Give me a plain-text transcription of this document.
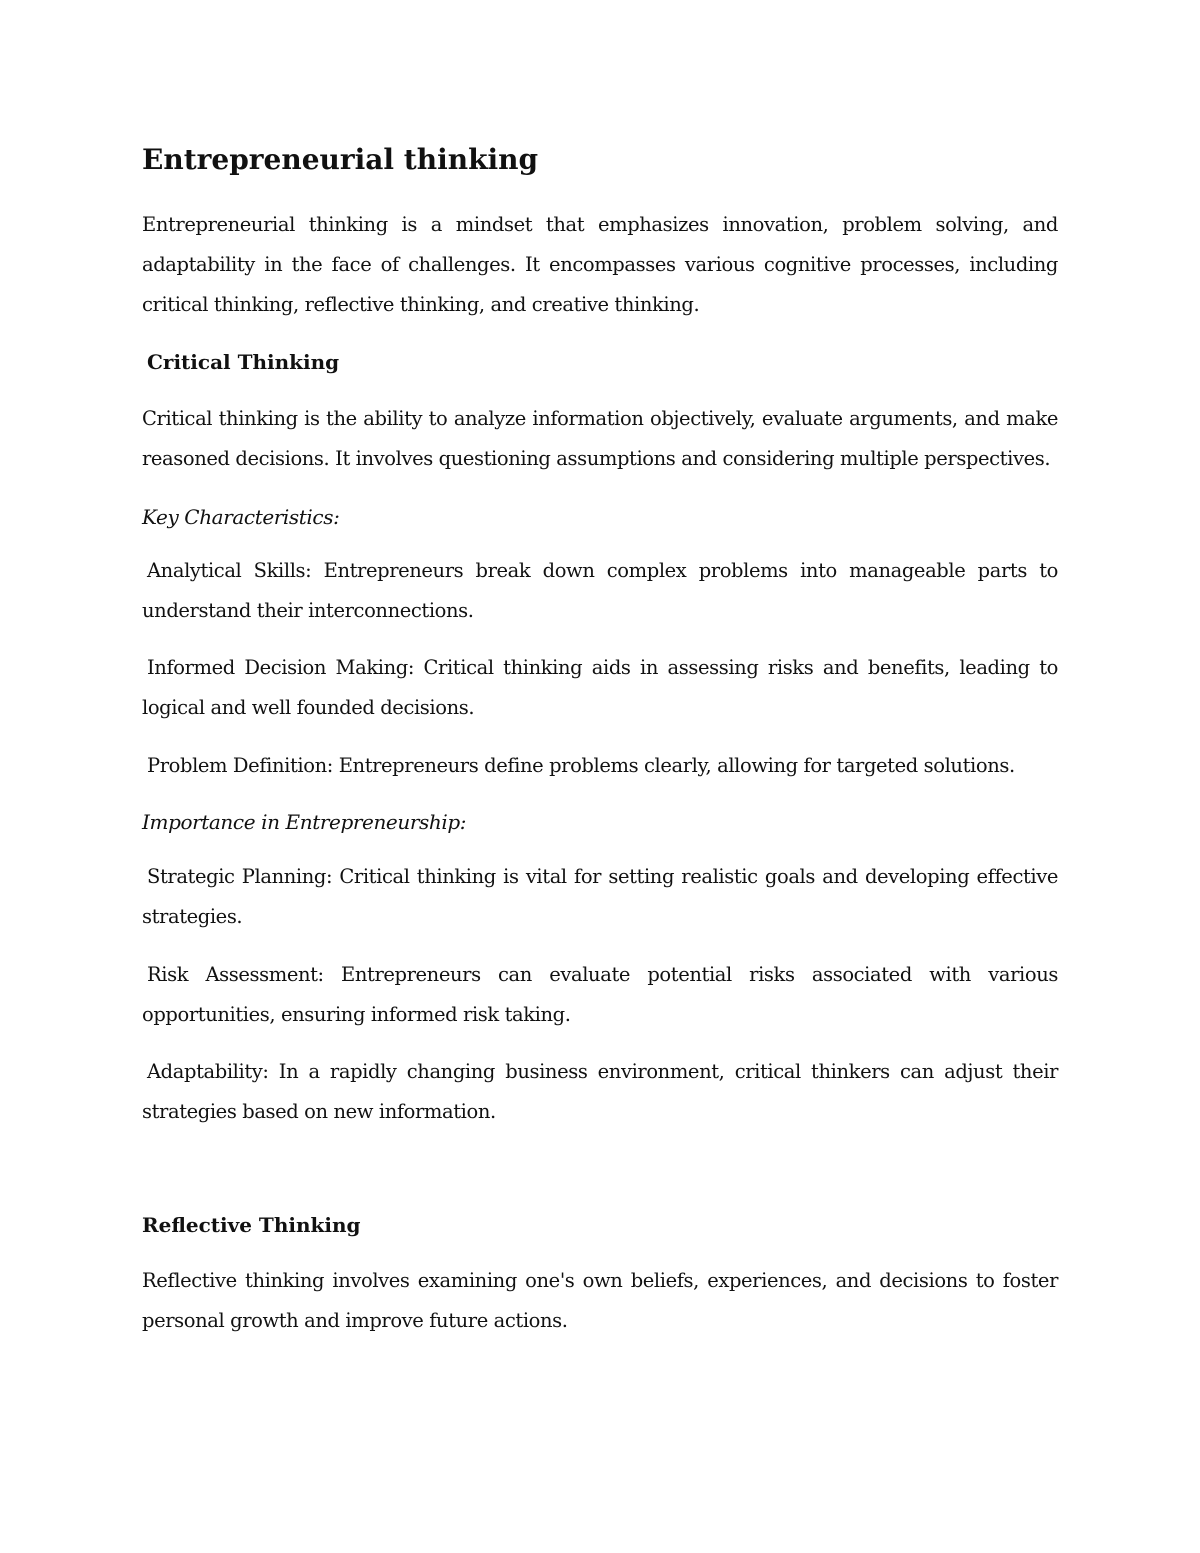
Entrepreneurial thinking

Entrepreneurial thinking is a mindset that emphasizes innovation, problem solving, and adaptability in the face of challenges. It encompasses various cognitive processes, including critical thinking, reflective thinking, and creative thinking.

Critical Thinking

Critical thinking is the ability to analyze information objectively, evaluate arguments, and make reasoned decisions. It involves questioning assumptions and considering multiple perspectives.

Key Characteristics:

Analytical Skills: Entrepreneurs break down complex problems into manageable parts to understand their interconnections.

Informed Decision Making: Critical thinking aids in assessing risks and benefits, leading to logical and well founded decisions.

Problem Definition: Entrepreneurs define problems clearly, allowing for targeted solutions.

Importance in Entrepreneurship:

Strategic Planning: Critical thinking is vital for setting realistic goals and developing effective strategies.

Risk Assessment: Entrepreneurs can evaluate potential risks associated with various opportunities, ensuring informed risk taking.

Adaptability: In a rapidly changing business environment, critical thinkers can adjust their strategies based on new information.

Reflective Thinking

Reflective thinking involves examining one's own beliefs, experiences, and decisions to foster personal growth and improve future actions.
